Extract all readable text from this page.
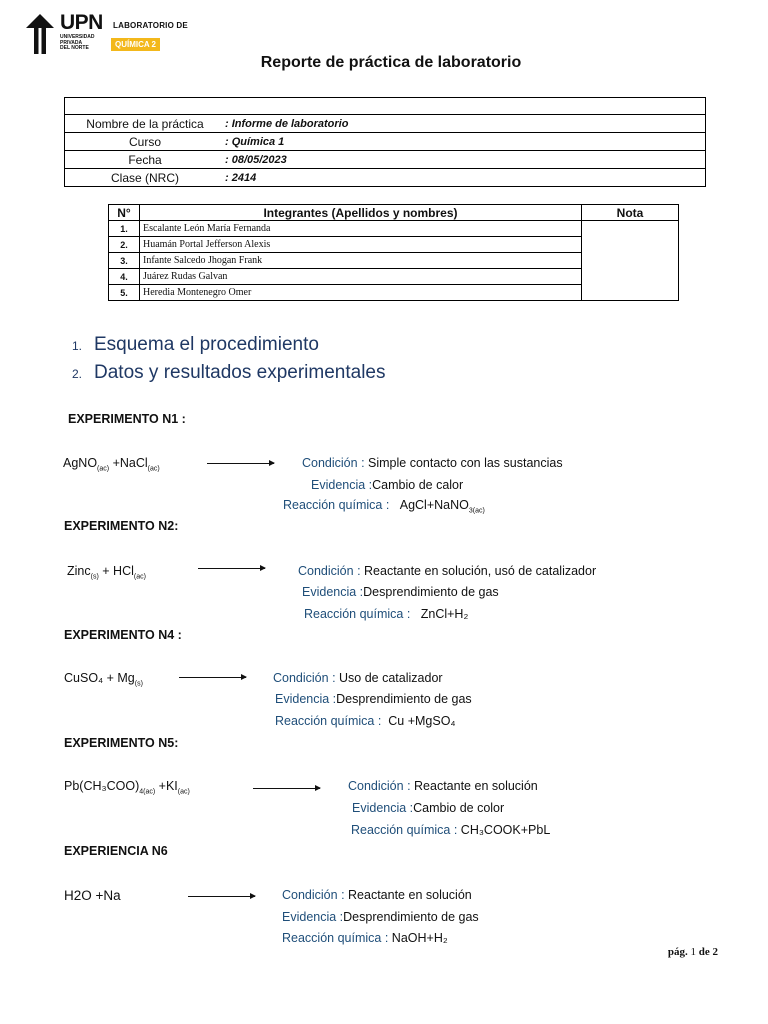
UPN
UNIVERSIDAD
PRIVADA
DEL NORTE
LABORATORIO DE
QUÍMICA 2
Reporte de práctica de laboratorio

Nombre de la práctica	: Informe de laboratorio
Curso	: Química 1
Fecha	: 08/05/2023
Clase (NRC)	: 2414
N°	Integrantes (Apellidos y nombres)	Nota
1.	Escalante León María Fernanda	
2.	Huamán Portal Jefferson Alexis	
3.	Infante Salcedo Jhogan Frank	
4.	Juárez Rudas Galvan	
5.	Heredia Montenegro Omer	
1. Esquema el procedimiento
2. Datos y resultados experimentales
EXPERIMENTO N1 :
AgNO$_{(ac)}$ +NaCl$_{(ac)}$	Condición : Simple contacto con las sustancias
Evidencia :Cambio de calor
Reacción química :   AgCl+NaNO$_{3(ac)}$
EXPERIMENTO N2:
Zinc$_{(s)}$ + HCl$_{(ac)}$	Condición : Reactante en solución, usó de catalizador
Evidencia :Desprendimiento de gas
Reacción química :   ZnCl+H₂
EXPERIMENTO N4 :
CuSO₄ + $Mg_{(s)}$	Condición : Uso de catalizador
Evidencia :Desprendimiento de gas
Reacción química :  Cu +MgSO₄
EXPERIMENTO N5:
$Pb(CH_3COO)_{4(ac)} +KI_{(ac)}$	Condición : Reactante en solución
Evidencia :Cambio de color
Reacción química : CH₃COOK+PbL
EXPERIENCIA N6
H2O +Na	Condición : Reactante en solución
Evidencia :Desprendimiento de gas
Reacción química : NaOH+H₂
pág. 1 de 2
